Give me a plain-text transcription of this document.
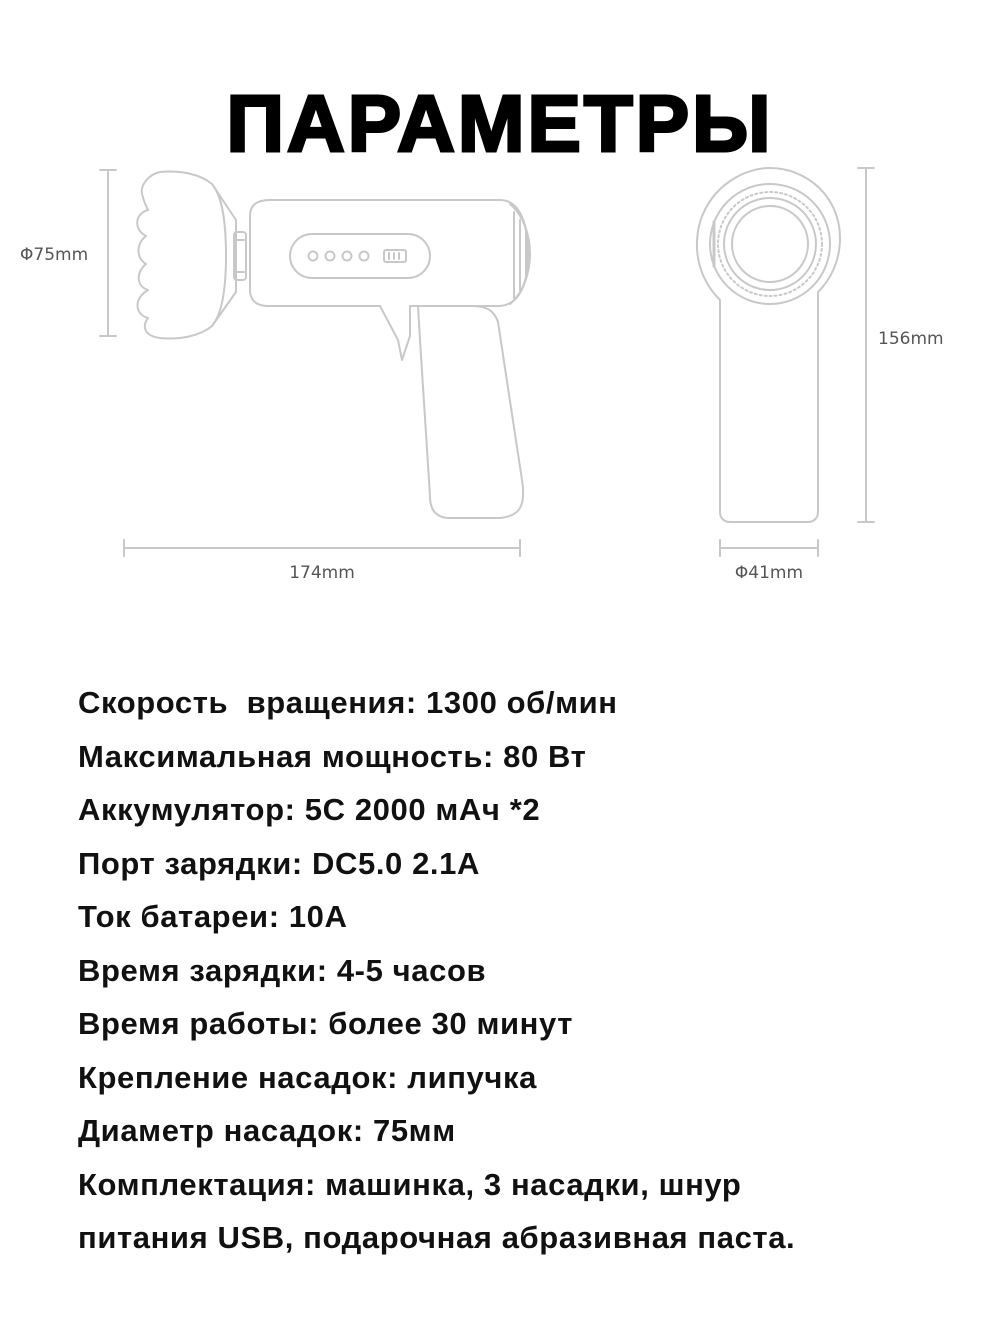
ПАРАМЕТРЫ
Φ75mm
174mm
156mm
Φ41mm
Скорость  вращения: 1300 об/мин
Максимальная мощность: 80 Вт
Аккумулятор: 5С 2000 мАч *2
Порт зарядки: DC5.0 2.1A
Ток батареи: 10A
Время зарядки: 4-5 часов
Время работы: более 30 минут
Крепление насадок: липучка
Диаметр насадок: 75мм
Комплектация: машинка, 3 насадки, шнур
питания USB, подарочная абразивная паста.
